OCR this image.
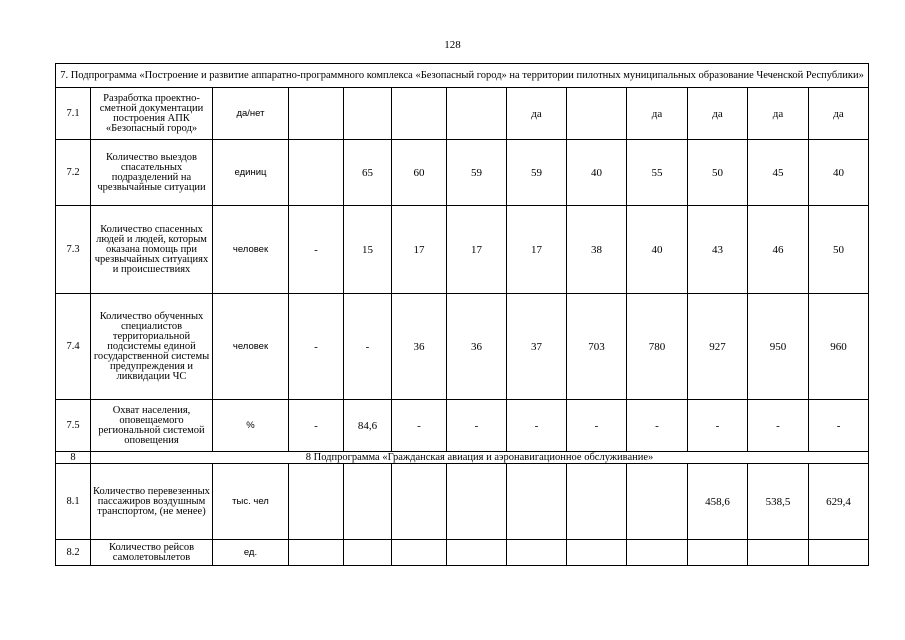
128
7. Подпрограмма «Построение и развитие аппаратно-программного комплекса «Безопасный город» на территории пилотных муниципальных образование Чеченской Республики»												
7.1	Разработка проектно-сметной документации построения АПК «Безопасный город»	да/нет					да		да	да	да	да
7.2	Количество выездов спасательных подразделений на чрезвычайные ситуации	единиц		65	60	59	59	40	55	50	45	40
7.3	Количество спасенных людей и людей, которым оказана помощь при чрезвычайных ситуациях и происшествиях	человек	-	15	17	17	17	38	40	43	46	50
7.4	Количество обученных специалистов территориальной подсистемы единой государственной системы предупреждения и ликвидации ЧС	человек	-	-	36	36	37	703	780	927	950	960
7.5	Охват населения, оповещаемого региональной системой оповещения	%	-	84,6	-	-	-	-	-	-	-	-
8	8 Подпрограмма «Гражданская авиация и аэронавигационное обслуживание»											
8.1	Количество перевезенных пассажиров воздушным транспортом, (не менее)	тыс. чел								458,6	538,5	629,4
8.2	Количество рейсов самолетовылетов	ед.										
